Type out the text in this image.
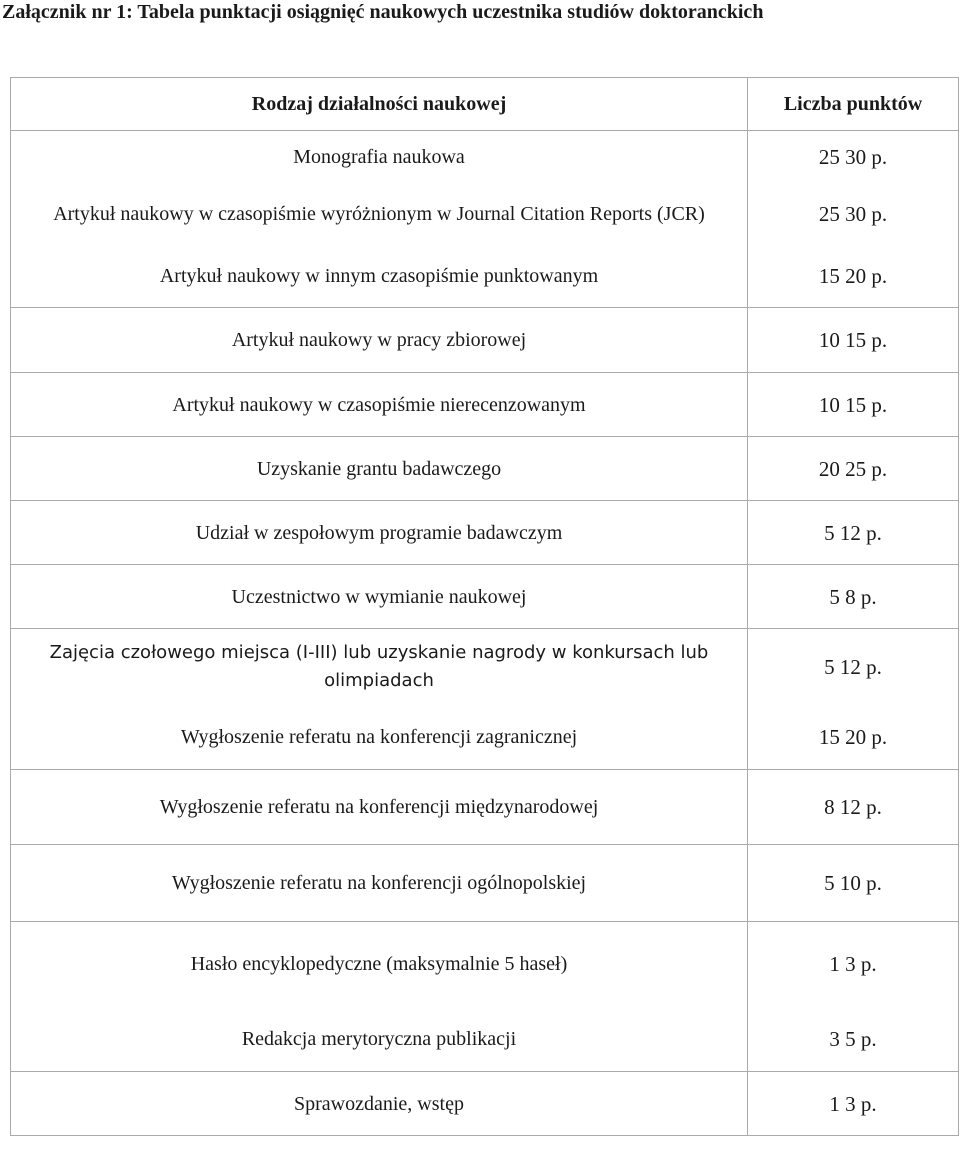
Załącznik nr 1: Tabela punktacji osiągnięć naukowych uczestnika studiów doktoranckich
Rodzaj działalności naukowej	Liczba punktów
Monografia naukowa	25 30 p.
Artykuł naukowy w czasopiśmie wyróżnionym w Journal Citation Reports (JCR)	25 30 p.
Artykuł naukowy w innym czasopiśmie punktowanym	15 20 p.
Artykuł naukowy w pracy zbiorowej	10 15 p.
Artykuł naukowy w czasopiśmie nierecenzowanym	10 15 p.
Uzyskanie grantu badawczego	20 25 p.
Udział w zespołowym programie badawczym	5 12 p.
Uczestnictwo w wymianie naukowej	5 8 p.
Zajęcia czołowego miejsca (I-III) lub uzyskanie nagrody w konkursach lub olimpiadach	5 12 p.
Wygłoszenie referatu na konferencji zagranicznej	15 20 p.
Wygłoszenie referatu na konferencji międzynarodowej	8 12 p.
Wygłoszenie referatu na konferencji ogólnopolskiej	5 10 p.
Hasło encyklopedyczne (maksymalnie 5 haseł)	1 3 p.
Redakcja merytoryczna publikacji	3 5 p.
Sprawozdanie, wstęp	1 3 p.
